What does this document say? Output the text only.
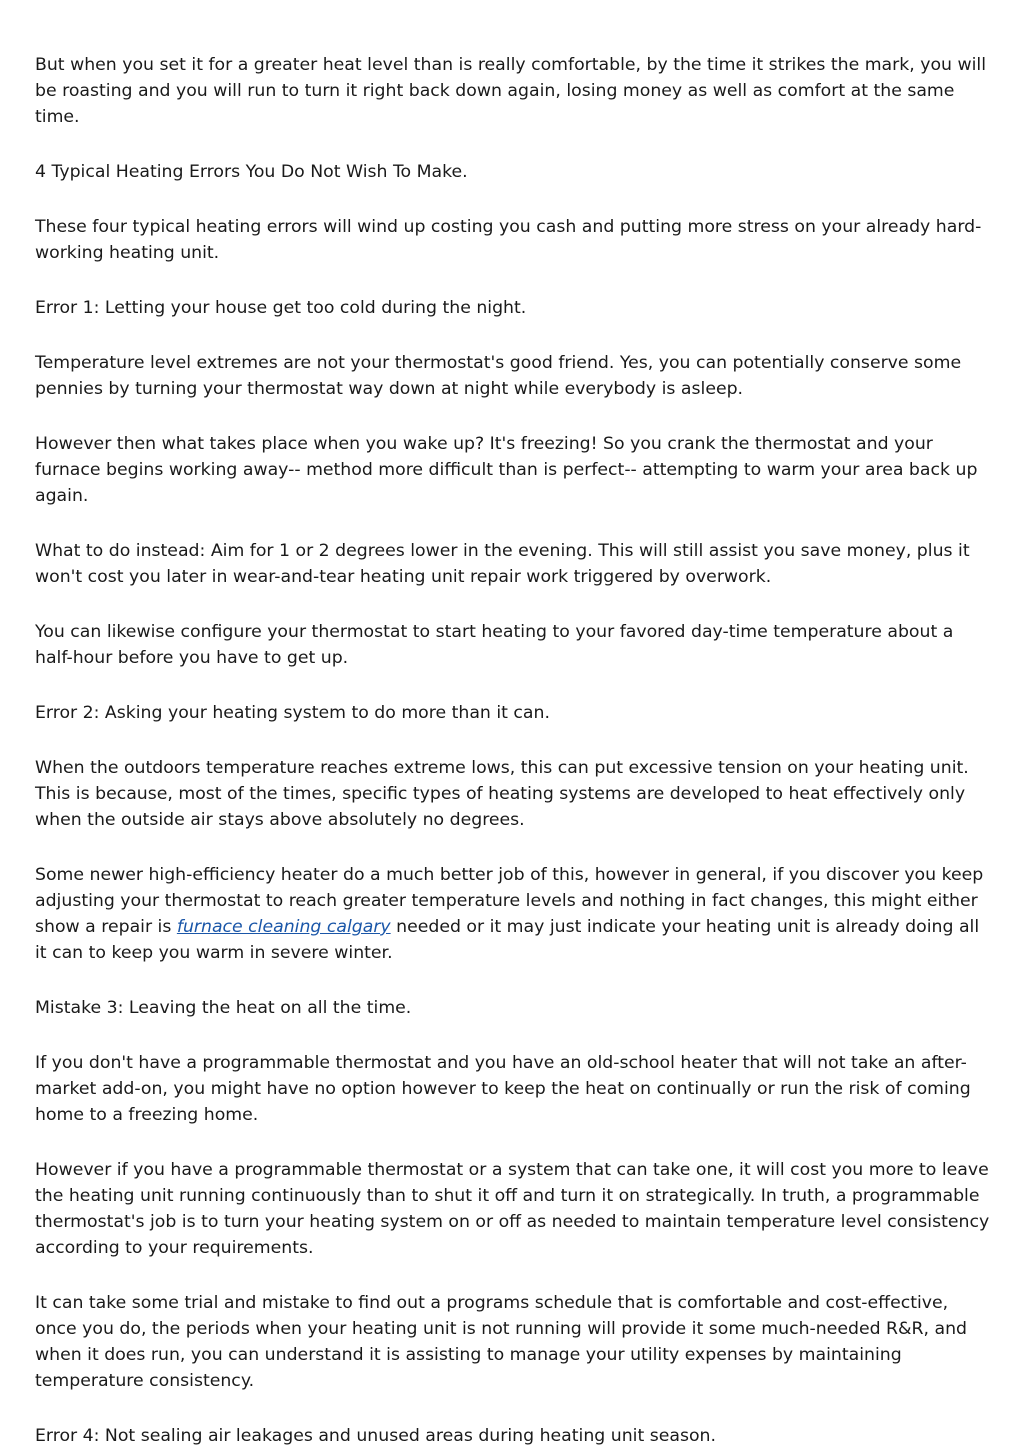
But when you set it for a greater heat level than is really comfortable, by the time it strikes the mark, you will be roasting and you will run to turn it right back down again, losing money as well as comfort at the same time.

4 Typical Heating Errors You Do Not Wish To Make.

These four typical heating errors will wind up costing you cash and putting more stress on your already hard-working heating unit.

Error 1: Letting your house get too cold during the night.

Temperature level extremes are not your thermostat's good friend. Yes, you can potentially conserve some pennies by turning your thermostat way down at night while everybody is asleep.

However then what takes place when you wake up? It's freezing! So you crank the thermostat and your furnace begins working away-- method more difficult than is perfect-- attempting to warm your area back up again.

What to do instead: Aim for 1 or 2 degrees lower in the evening. This will still assist you save money, plus it won't cost you later in wear-and-tear heating unit repair work triggered by overwork.

You can likewise configure your thermostat to start heating to your favored day-time temperature about a half-hour before you have to get up.

Error 2: Asking your heating system to do more than it can.

When the outdoors temperature reaches extreme lows, this can put excessive tension on your heating unit. This is because, most of the times, specific types of heating systems are developed to heat effectively only when the outside air stays above absolutely no degrees.

Some newer high-efficiency heater do a much better job of this, however in general, if you discover you keep adjusting your thermostat to reach greater temperature levels and nothing in fact changes, this might either show a repair is furnace cleaning calgary needed or it may just indicate your heating unit is already doing all it can to keep you warm in severe winter.

Mistake 3: Leaving the heat on all the time.

If you don't have a programmable thermostat and you have an old-school heater that will not take an after-market add-on, you might have no option however to keep the heat on continually or run the risk of coming home to a freezing home.

However if you have a programmable thermostat or a system that can take one, it will cost you more to leave the heating unit running continuously than to shut it off and turn it on strategically. In truth, a programmable thermostat's job is to turn your heating system on or off as needed to maintain temperature level consistency according to your requirements.

It can take some trial and mistake to find out a programs schedule that is comfortable and cost-effective, once you do, the periods when your heating unit is not running will provide it some much-needed R&R, and when it does run, you can understand it is assisting to manage your utility expenses by maintaining temperature consistency.

Error 4: Not sealing air leakages and unused areas during heating unit season.
